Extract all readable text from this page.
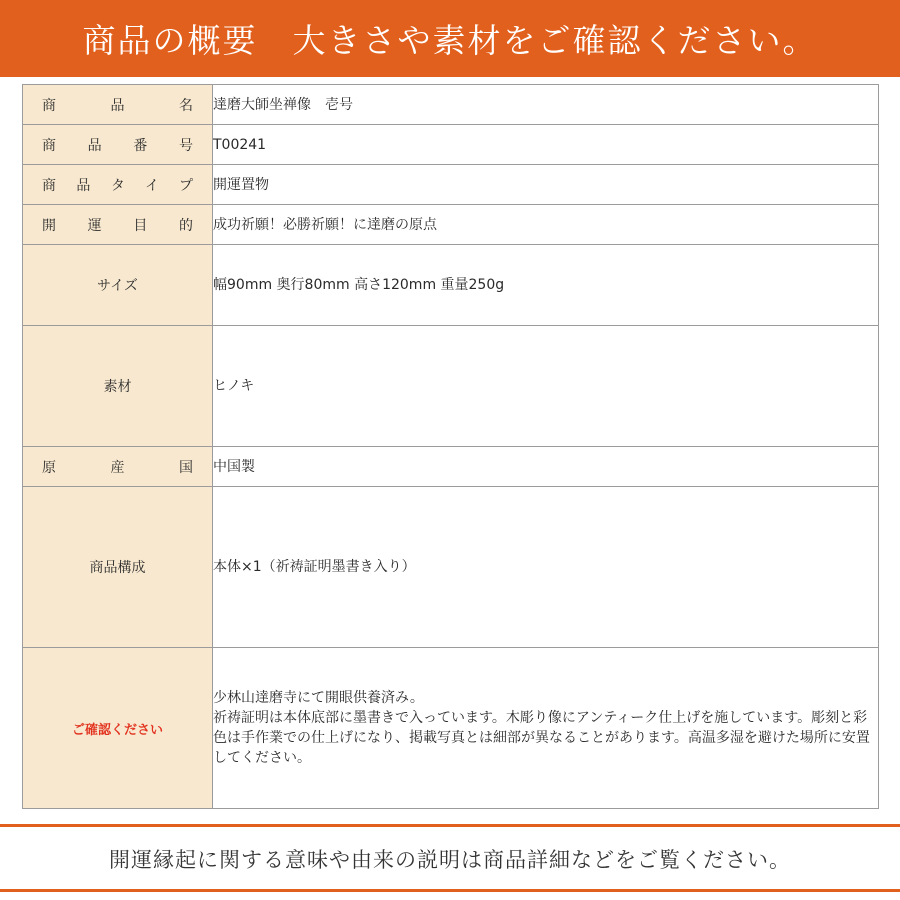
商品の概要　大きさや素材をご確認ください。
商品名	達磨大師坐禅像　壱号
商品番号	T00241
商品タイプ	開運置物
開運目的	成功祈願！必勝祈願！に達磨の原点
サイズ	幅90mm 奥行80mm 高さ120mm 重量250g
素材	ヒノキ
原産国	中国製
商品構成	本体×1（祈祷証明墨書き入り）
ご確認ください	少林山達磨寺にて開眼供養済み。
祈祷証明は本体底部に墨書きで入っています。木彫り像にアンティーク仕上げを施しています。彫刻と彩色は手作業での仕上げになり、掲載写真とは細部が異なることがあります。高温多湿を避けた場所に安置してください。
開運縁起に関する意味や由来の説明は商品詳細などをご覧ください。
